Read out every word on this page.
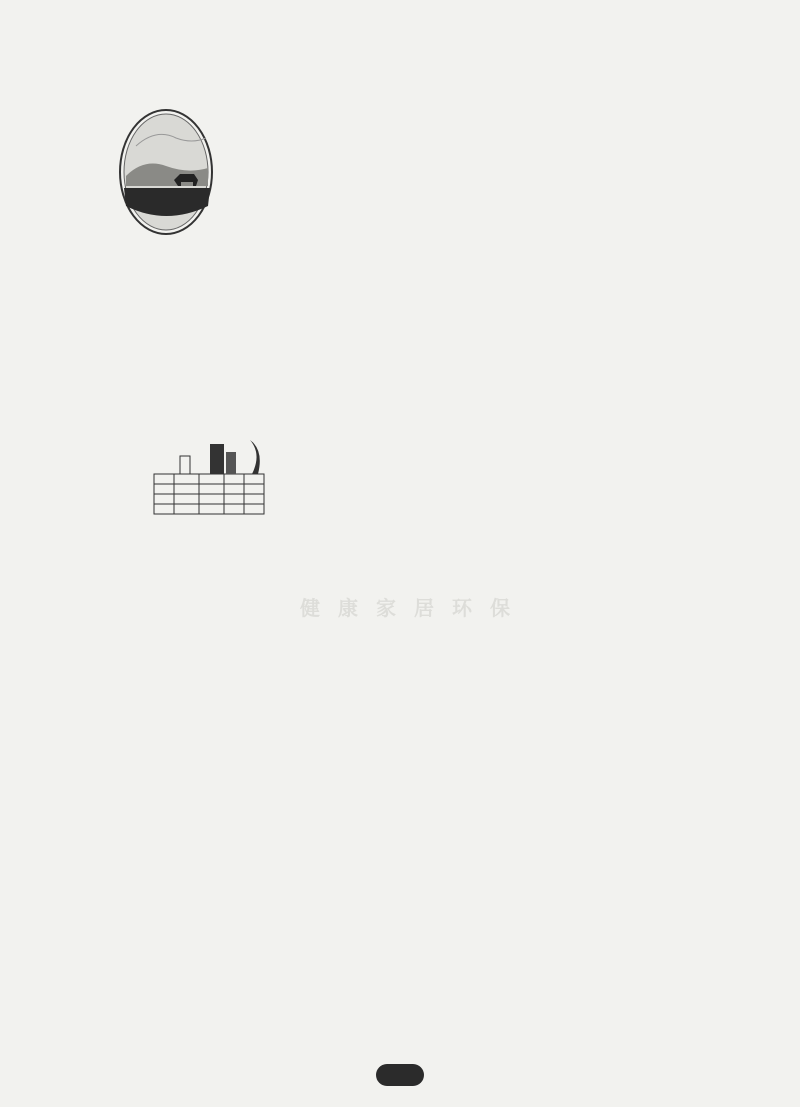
健康家居环保
